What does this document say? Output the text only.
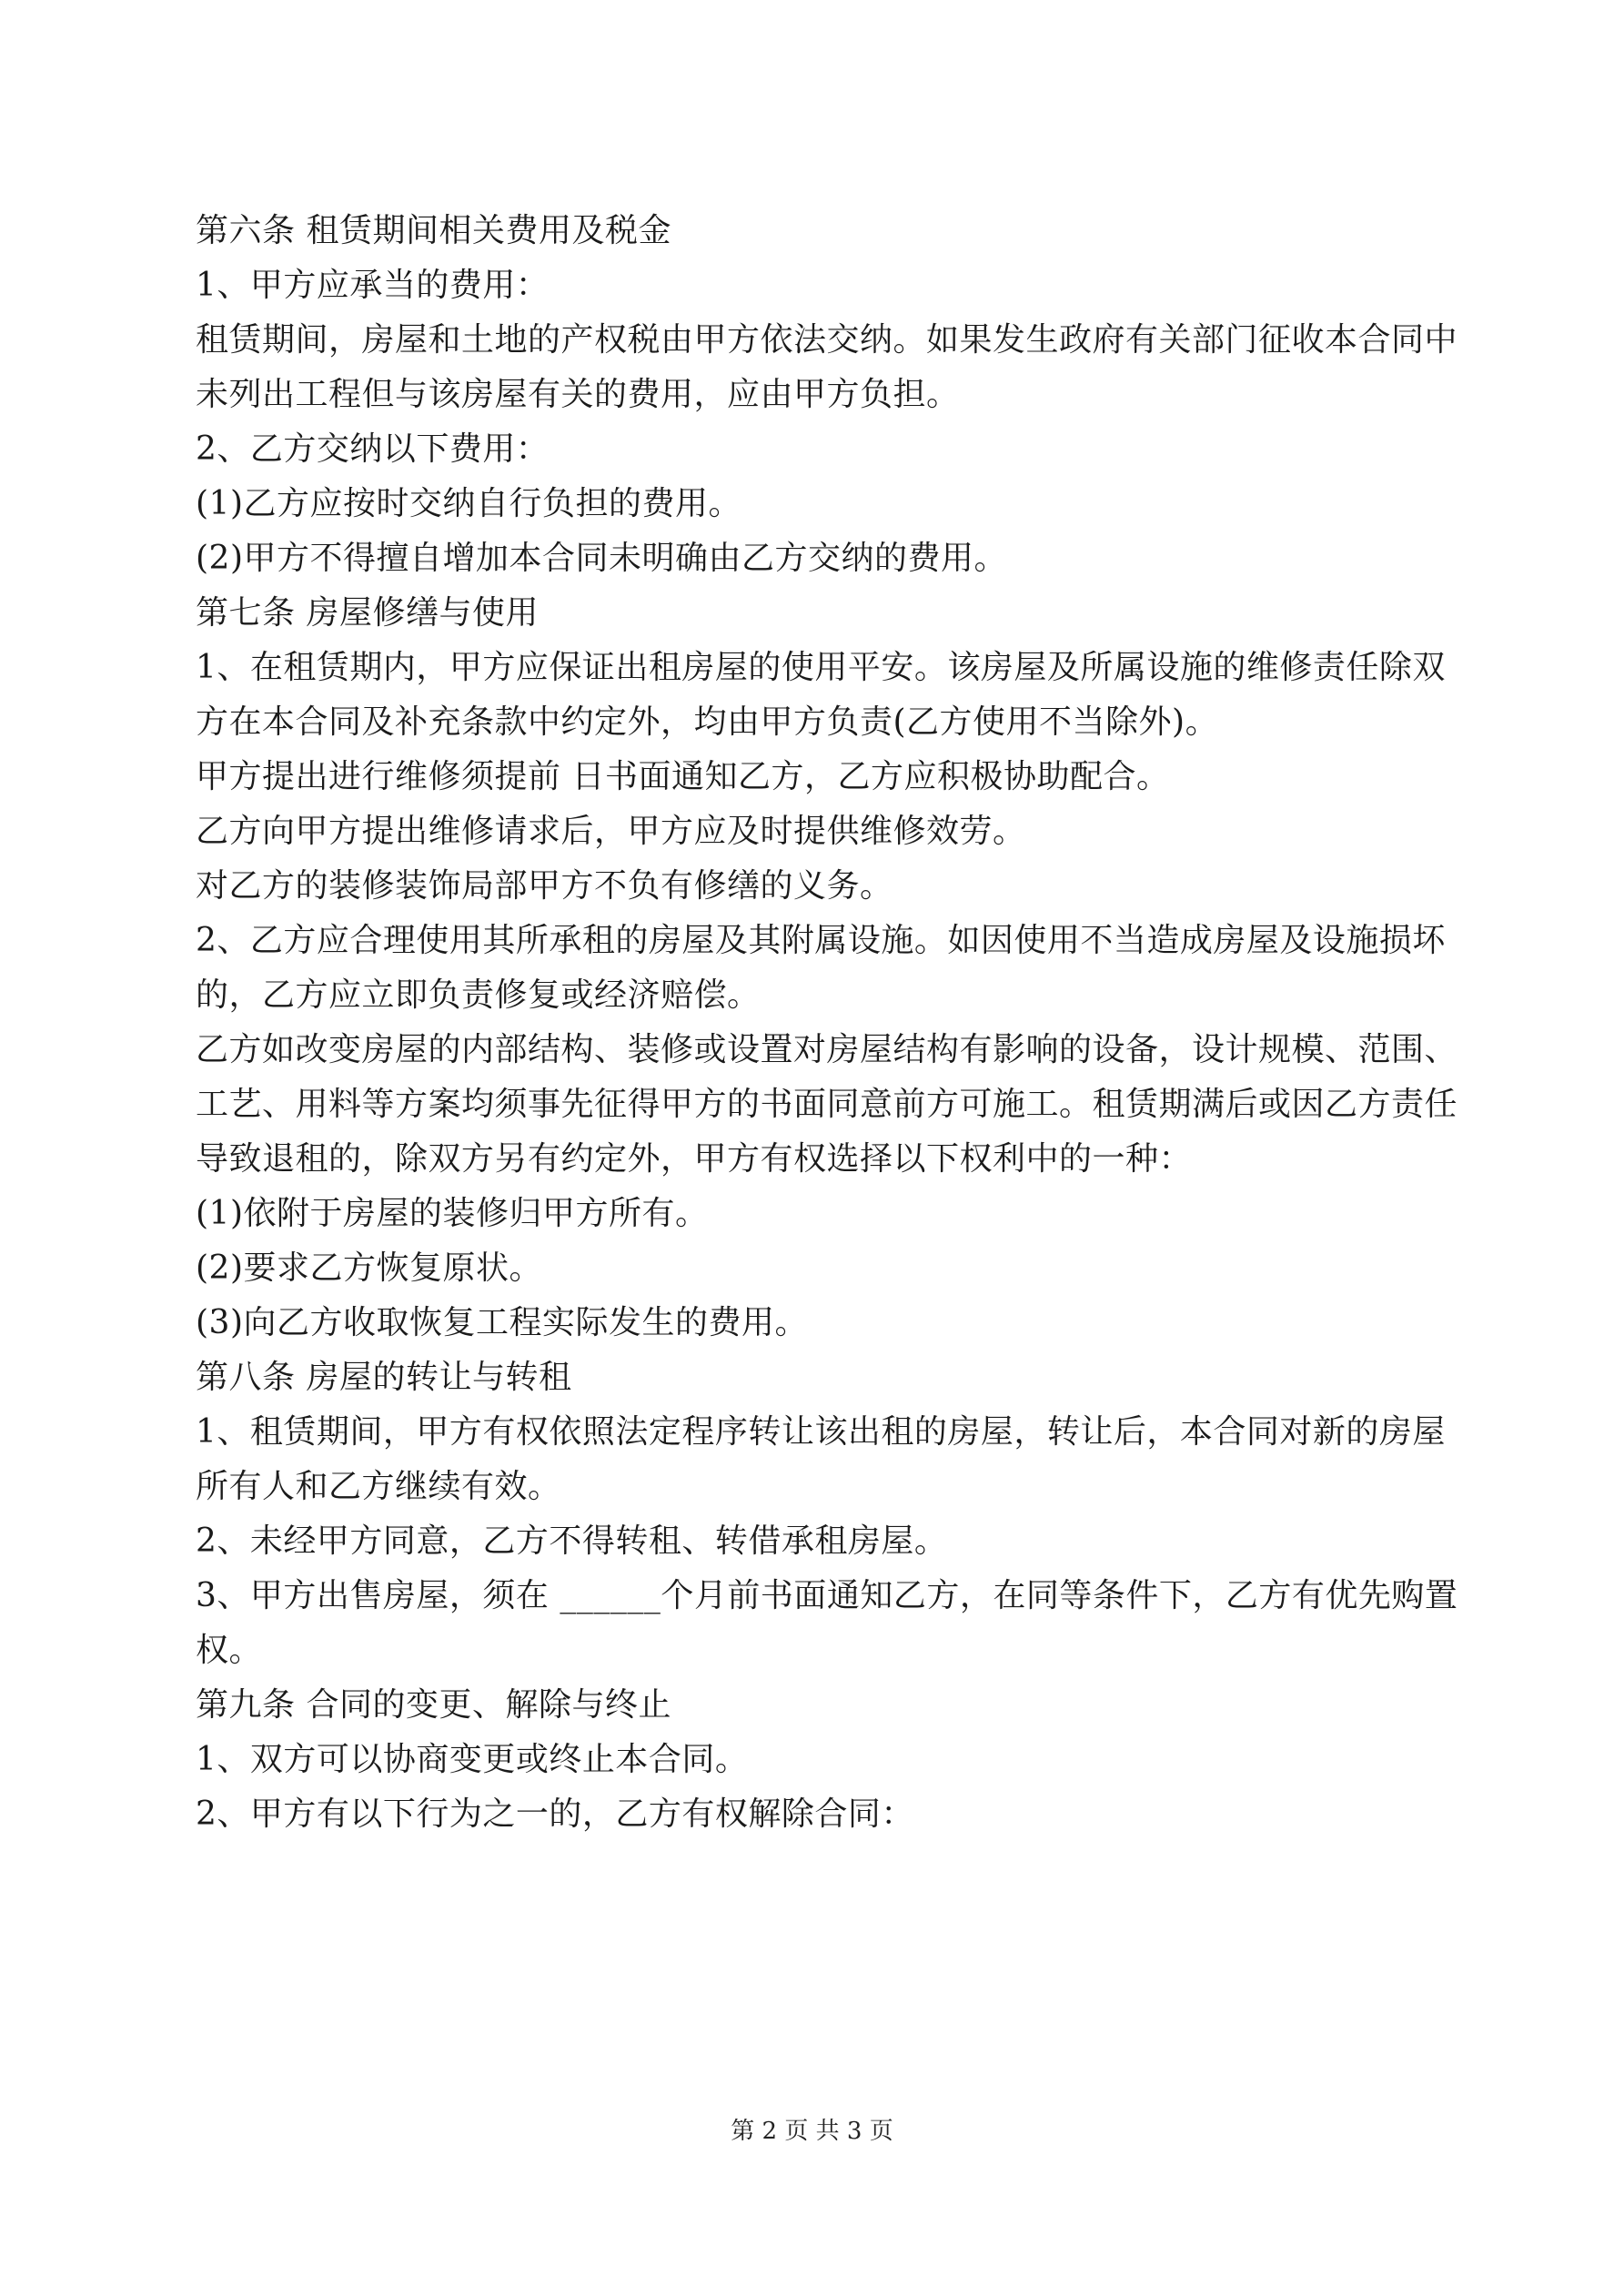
第六条 租赁期间相关费用及税金
1、甲方应承当的费用：
租赁期间，房屋和土地的产权税由甲方依法交纳。如果发生政府有关部门征收本合同中
未列出工程但与该房屋有关的费用，应由甲方负担。
2、乙方交纳以下费用：
(1)乙方应按时交纳自行负担的费用。
(2)甲方不得擅自增加本合同未明确由乙方交纳的费用。
第七条 房屋修缮与使用
1、在租赁期内，甲方应保证出租房屋的使用平安。该房屋及所属设施的维修责任除双
方在本合同及补充条款中约定外，均由甲方负责(乙方使用不当除外)。
甲方提出进行维修须提前 日书面通知乙方，乙方应积极协助配合。
乙方向甲方提出维修请求后，甲方应及时提供维修效劳。
对乙方的装修装饰局部甲方不负有修缮的义务。
2、乙方应合理使用其所承租的房屋及其附属设施。如因使用不当造成房屋及设施损坏
的，乙方应立即负责修复或经济赔偿。
乙方如改变房屋的内部结构、装修或设置对房屋结构有影响的设备，设计规模、范围、
工艺、用料等方案均须事先征得甲方的书面同意前方可施工。租赁期满后或因乙方责任
导致退租的，除双方另有约定外，甲方有权选择以下权利中的一种：
(1)依附于房屋的装修归甲方所有。
(2)要求乙方恢复原状。
(3)向乙方收取恢复工程实际发生的费用。
第八条 房屋的转让与转租
1、租赁期间，甲方有权依照法定程序转让该出租的房屋，转让后，本合同对新的房屋
所有人和乙方继续有效。
2、未经甲方同意，乙方不得转租、转借承租房屋。
3、甲方出售房屋，须在 ______个月前书面通知乙方，在同等条件下，乙方有优先购置
权。
第九条 合同的变更、解除与终止
1、双方可以协商变更或终止本合同。
2、甲方有以下行为之一的，乙方有权解除合同：
第 2 页 共 3 页
